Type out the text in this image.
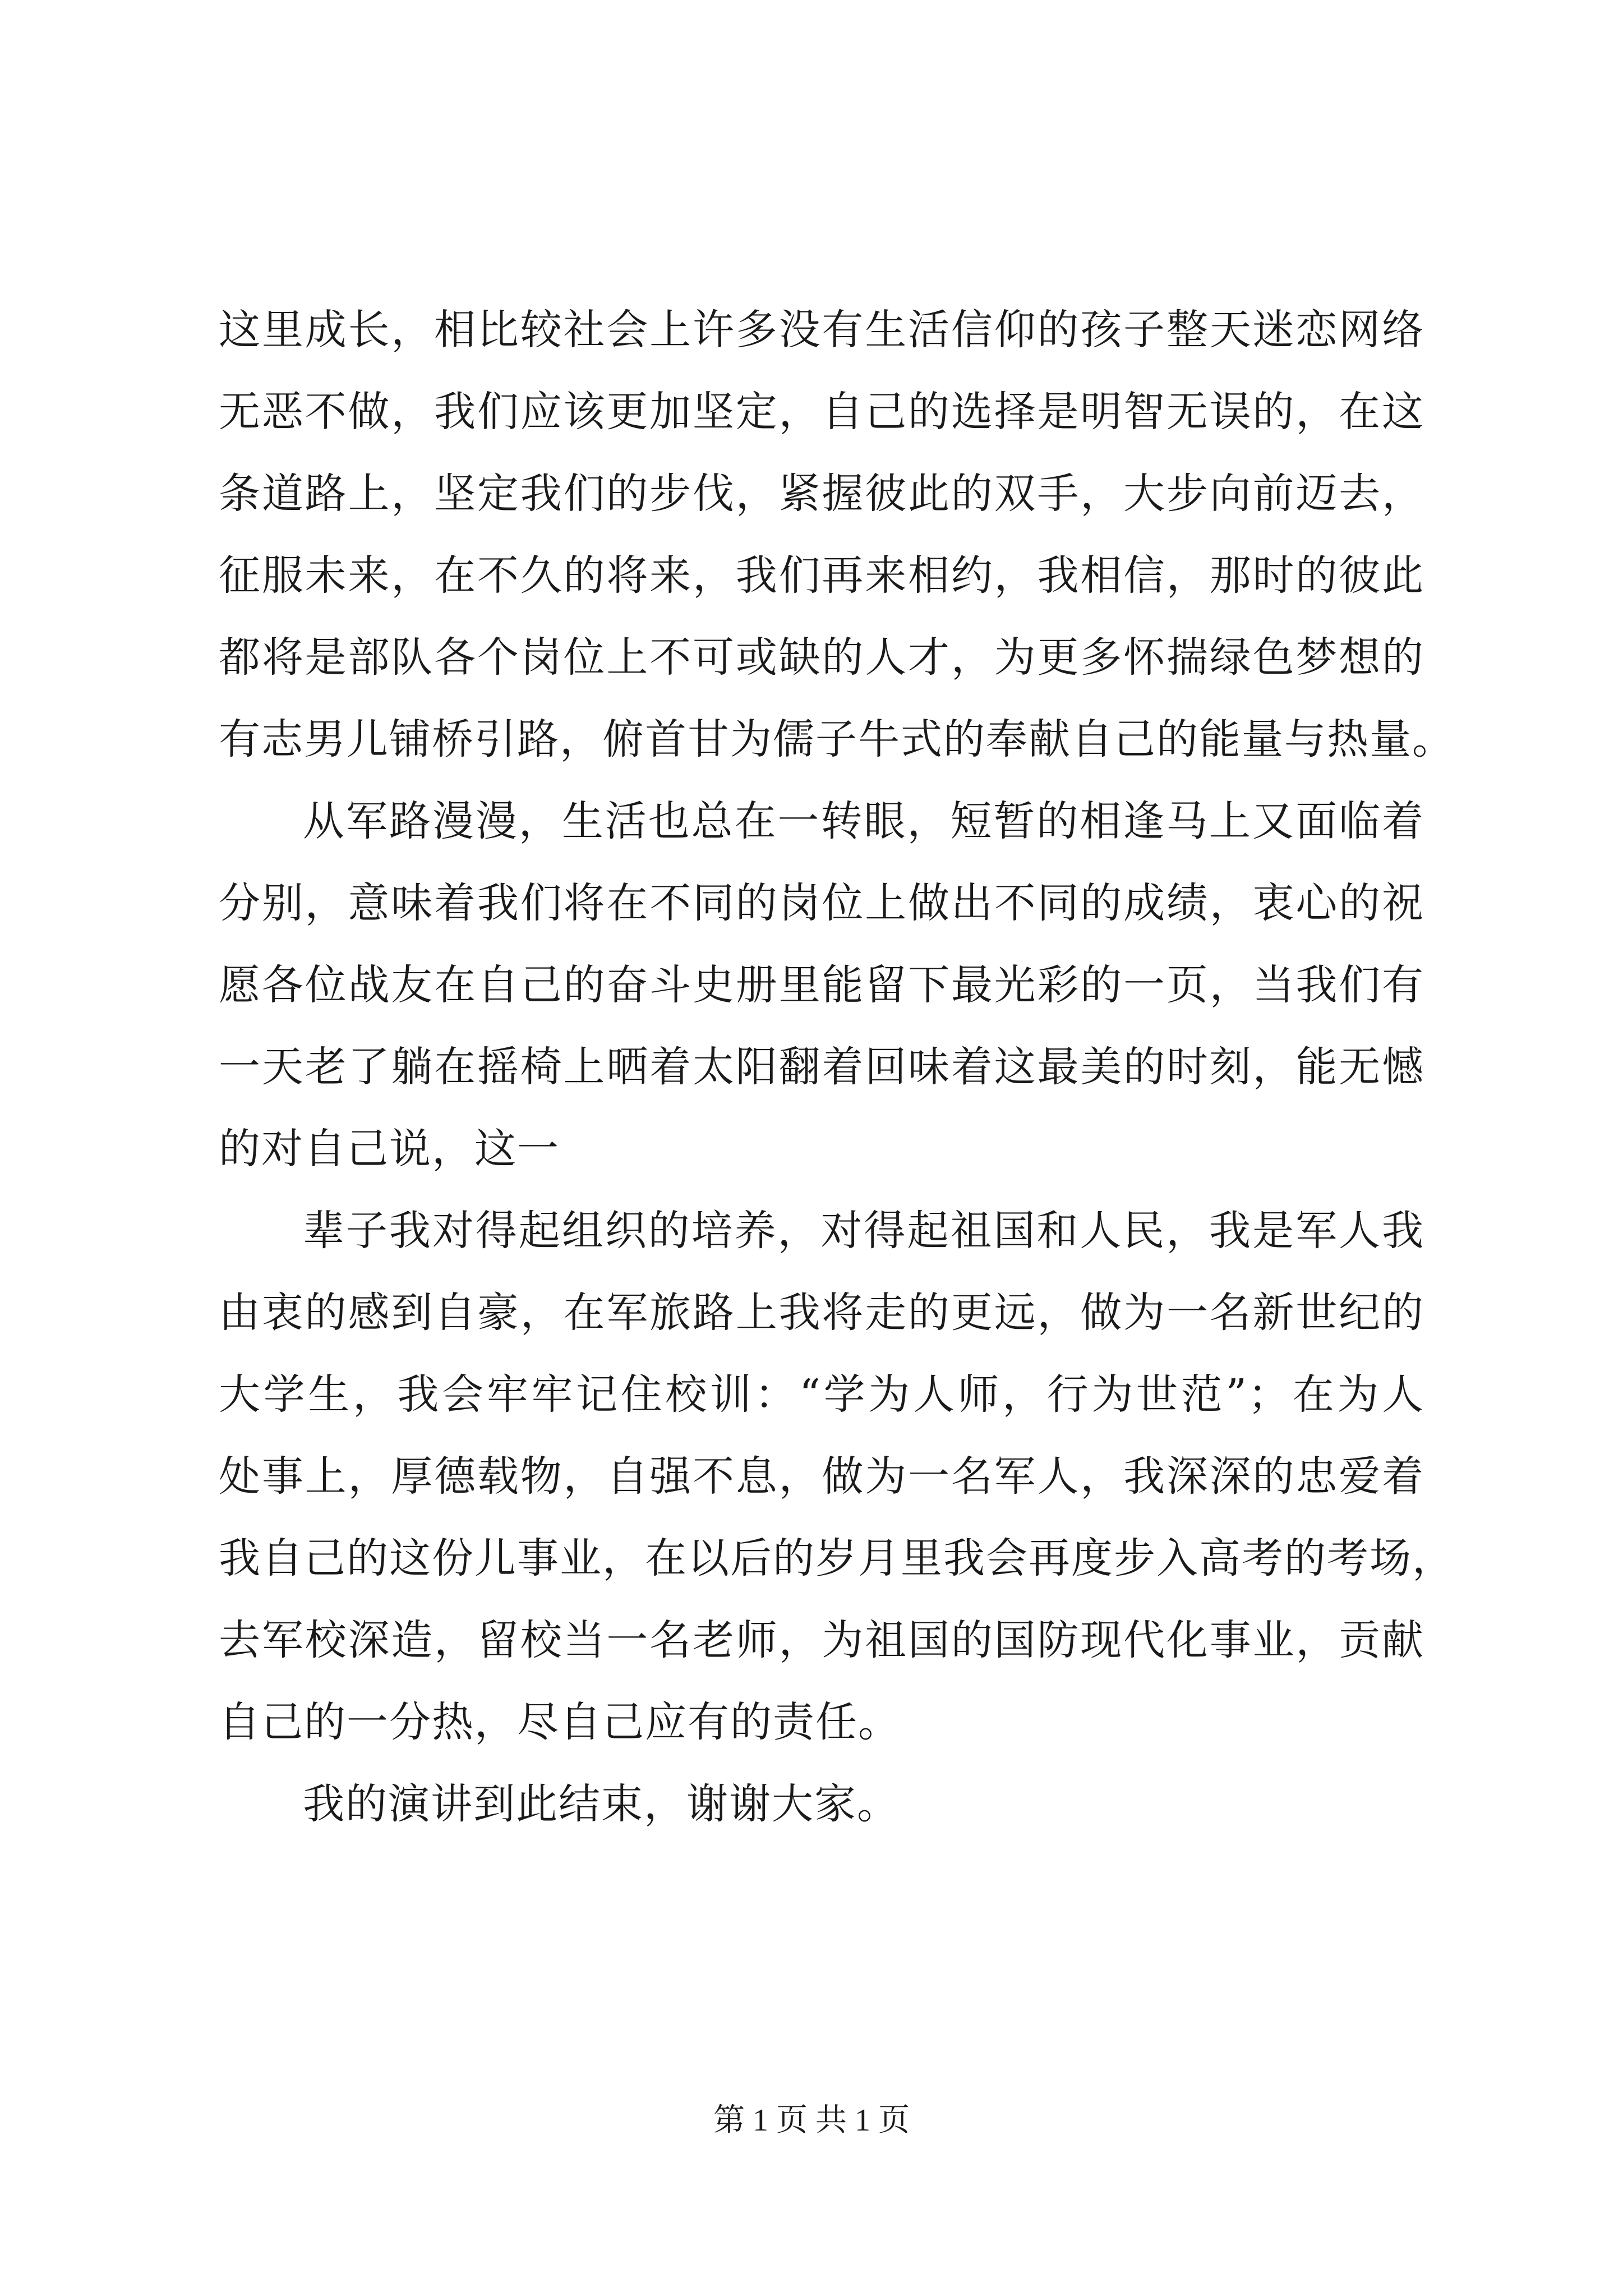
这里成长，相比较社会上许多没有生活信仰的孩子整天迷恋网络
无恶不做，我们应该更加坚定，自己的选择是明智无误的，在这
条道路上，坚定我们的步伐，紧握彼此的双手，大步向前迈去，
征服未来，在不久的将来，我们再来相约，我相信，那时的彼此
都将是部队各个岗位上不可或缺的人才，为更多怀揣绿色梦想的
有志男儿铺桥引路，俯首甘为儒子牛式的奉献自己的能量与热量。
从军路漫漫，生活也总在一转眼，短暂的相逢马上又面临着
分别，意味着我们将在不同的岗位上做出不同的成绩，衷心的祝
愿各位战友在自己的奋斗史册里能留下最光彩的一页，当我们有
一天老了躺在摇椅上晒着太阳翻着回味着这最美的时刻，能无憾
的对自己说，这一
辈子我对得起组织的培养，对得起祖国和人民，我是军人我
由衷的感到自豪，在军旅路上我将走的更远，做为一名新世纪的
大学生，我会牢牢记住校训：“学为人师，行为世范”；在为人
处事上，厚德载物，自强不息，做为一名军人，我深深的忠爱着
我自己的这份儿事业，在以后的岁月里我会再度步入高考的考场，
去军校深造，留校当一名老师，为祖国的国防现代化事业，贡献
自己的一分热，尽自己应有的责任。
我的演讲到此结束，谢谢大家。
第 1 页 共 1 页
